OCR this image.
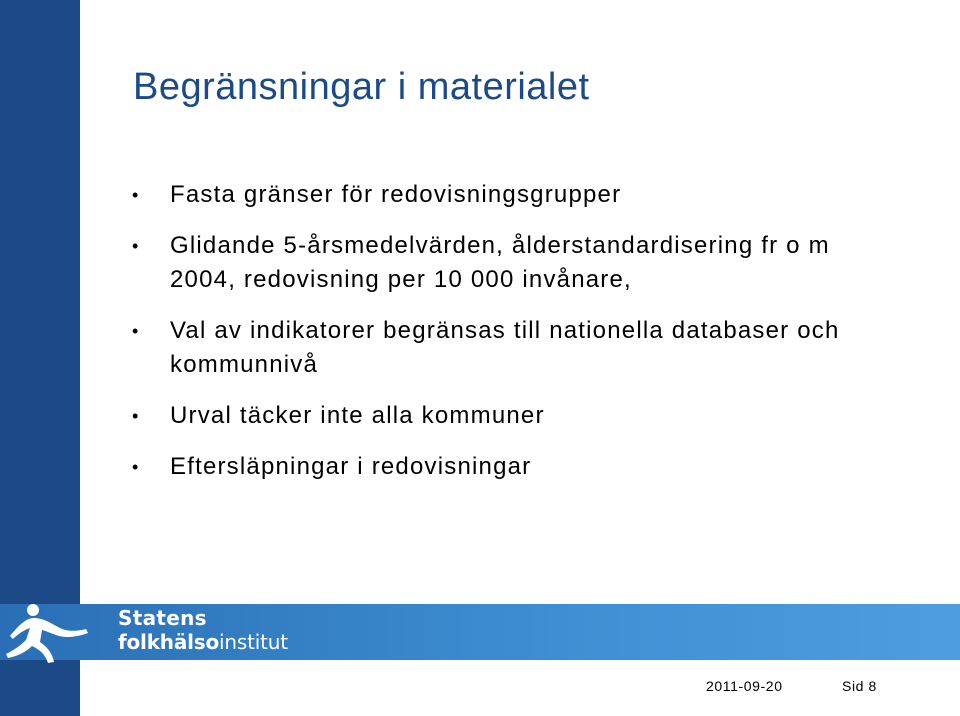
Begränsningar i materialet
• Fasta gränser för redovisningsgrupper
• Glidande 5-årsmedelvärden, ålderstandardisering fr o m 2004, redovisning per 10 000 invånare,
• Val av indikatorer begränsas till nationella databaser och kommunnivå
• Urval täcker inte alla kommuner
• Eftersläpningar i redovisningar
Statens
folkhälsoinstitut
2011-09-20	Sid 8
